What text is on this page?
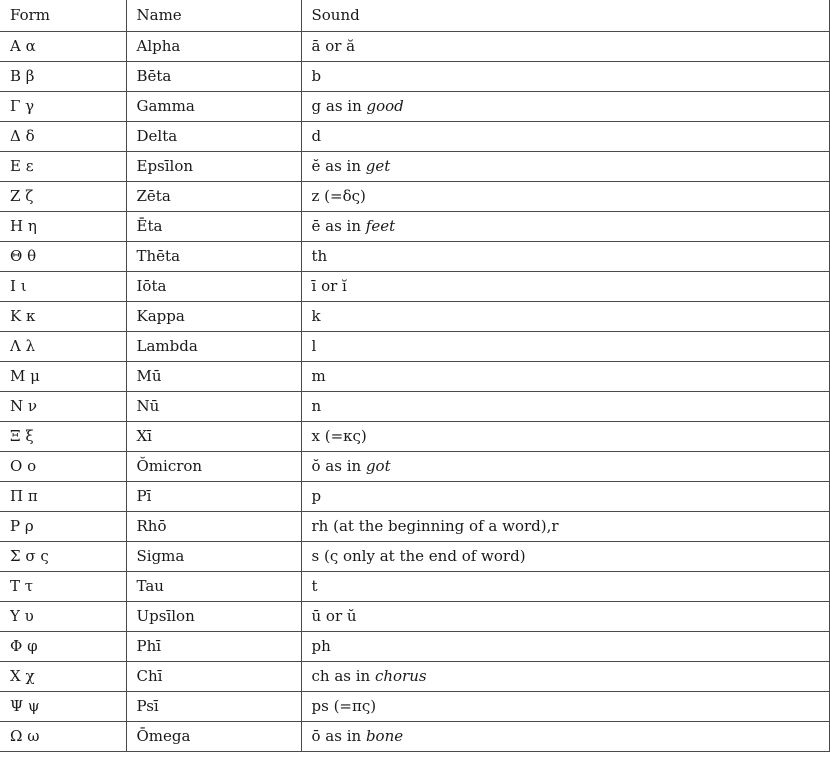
Form	Name	Sound
Α α	Alpha	ā or ă
Β β	Bēta	b
Γ γ	Gamma	g as in good
Δ δ	Delta	d
Ε ε	Epsīlon	ĕ as in get
Ζ ζ	Zēta	z (=δς)
Η η	Ēta	ē as in feet
Θ θ	Thēta	th
Ι ι	Iōta	ī or ĭ
Κ κ	Kappa	k
Λ λ	Lambda	l
Μ μ	Mū	m
Ν ν	Nū	n
Ξ ξ	Xī	x (=κς)
Ο ο	Ŏmicron	ŏ as in got
Π π	Pī	p
Ρ ρ	Rhō	rh (at the beginning of a word),r
Σ σ ς	Sigma	s (ς only at the end of word)
Τ τ	Tau	t
Υ υ	Upsīlon	ū or ŭ
Φ φ	Phī	ph
Χ χ	Chī	ch as in chorus
Ψ ψ	Psī	ps (=πς)
Ω ω	Ōmega	ō as in bone
